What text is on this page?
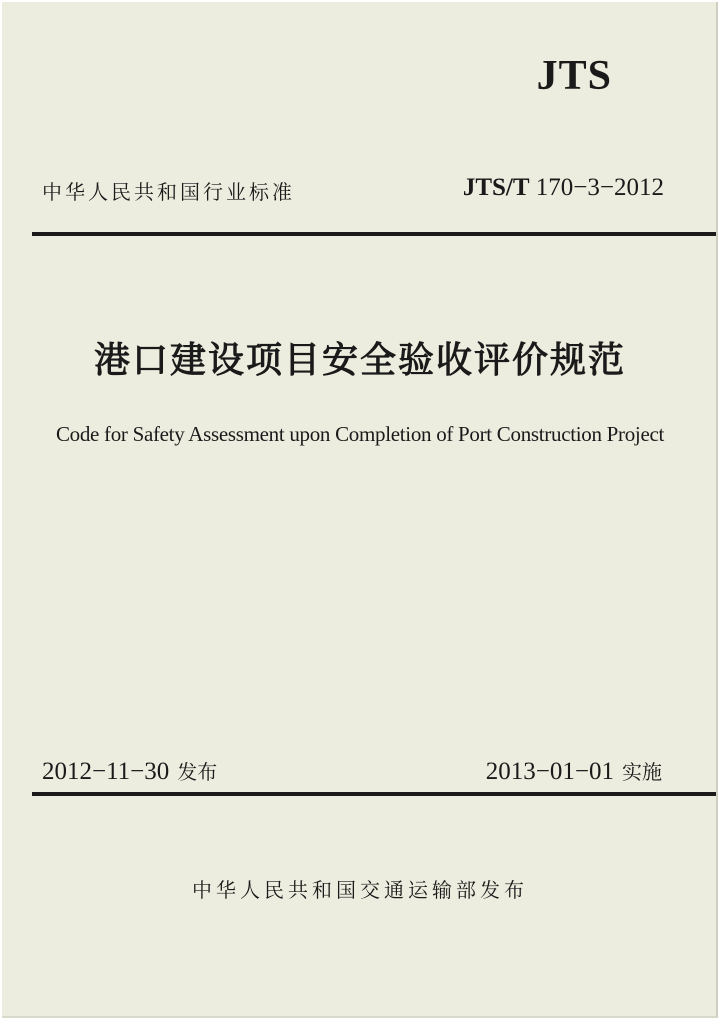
JTS
中华人民共和国行业标准	JTS/T 170−3−2012
港口建设项目安全验收评价规范
Code for Safety Assessment upon Completion of Port Construction Project
2012−11−30 发布	2013−01−01 实施
中华人民共和国交通运输部发布
